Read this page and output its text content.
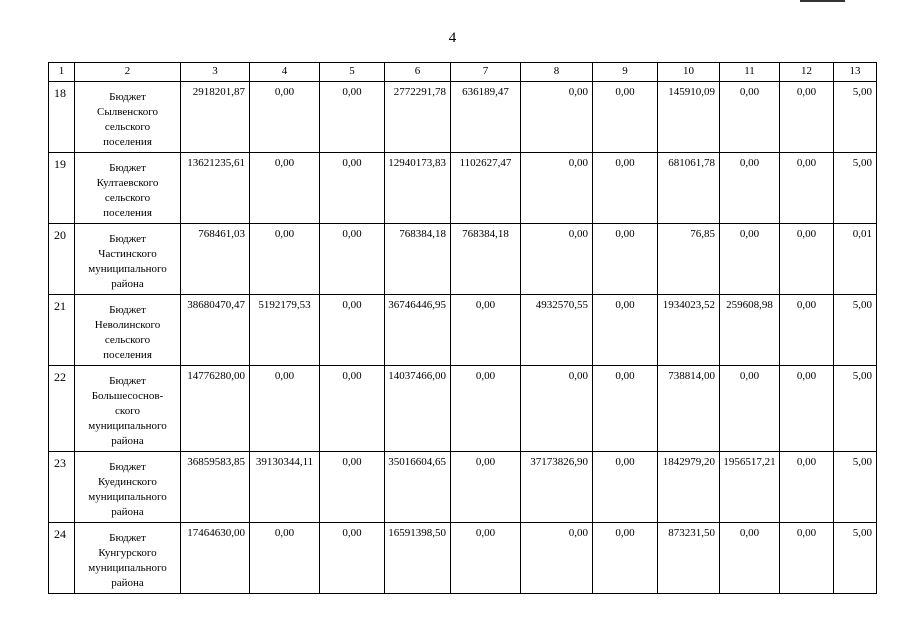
4
1	2	3	4	5	6	7	8	9	10	11	12	13
18	Бюджет
Сылвенского
сельского
поселения	2918201,87	0,00	0,00	2772291,78	636189,47	0,00	0,00	145910,09	0,00	0,00	5,00
19	Бюджет
Култаевского
сельского
поселения	13621235,61	0,00	0,00	12940173,83	1102627,47	0,00	0,00	681061,78	0,00	0,00	5,00
20	Бюджет
Частинского
муниципального
района	768461,03	0,00	0,00	768384,18	768384,18	0,00	0,00	76,85	0,00	0,00	0,01
21	Бюджет
Неволинского
сельского
поселения	38680470,47	5192179,53	0,00	36746446,95	0,00	4932570,55	0,00	1934023,52	259608,98	0,00	5,00
22	Бюджет
Большесоснов-
ского
муниципального
района	14776280,00	0,00	0,00	14037466,00	0,00	0,00	0,00	738814,00	0,00	0,00	5,00
23	Бюджет
Куединского
муниципального
района	36859583,85	39130344,11	0,00	35016604,65	0,00	37173826,90	0,00	1842979,20	1956517,21	0,00	5,00
24	Бюджет
Кунгурского
муниципального
района	17464630,00	0,00	0,00	16591398,50	0,00	0,00	0,00	873231,50	0,00	0,00	5,00
